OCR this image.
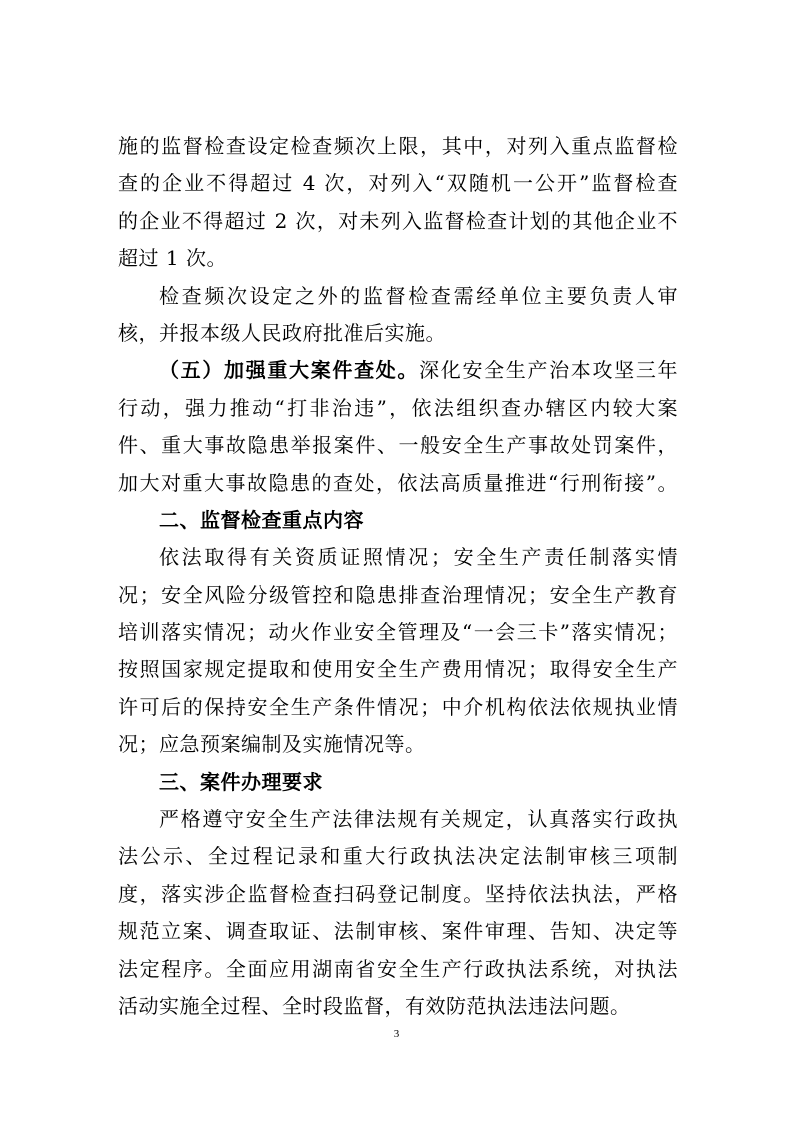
施的监督检查设定检查频次上限，其中，对列入重点监督检
查的企业不得超过 4 次，对列入“双随机一公开”监督检查
的企业不得超过 2 次，对未列入监督检查计划的其他企业不
超过 1 次。
检查频次设定之外的监督检查需经单位主要负责人审
核，并报本级人民政府批准后实施。
（五）加强重大案件查处。深化安全生产治本攻坚三年
行动，强力推动“打非治违”，依法组织查办辖区内较大案
件、重大事故隐患举报案件、一般安全生产事故处罚案件，
加大对重大事故隐患的查处，依法高质量推进“行刑衔接”。
二、监督检查重点内容
依法取得有关资质证照情况；安全生产责任制落实情
况；安全风险分级管控和隐患排查治理情况；安全生产教育
培训落实情况；动火作业安全管理及“一会三卡”落实情况；
按照国家规定提取和使用安全生产费用情况；取得安全生产
许可后的保持安全生产条件情况；中介机构依法依规执业情
况；应急预案编制及实施情况等。
三、案件办理要求
严格遵守安全生产法律法规有关规定，认真落实行政执
法公示、全过程记录和重大行政执法决定法制审核三项制
度，落实涉企监督检查扫码登记制度。坚持依法执法，严格
规范立案、调查取证、法制审核、案件审理、告知、决定等
法定程序。全面应用湖南省安全生产行政执法系统，对执法
活动实施全过程、全时段监督，有效防范执法违法问题。
3
